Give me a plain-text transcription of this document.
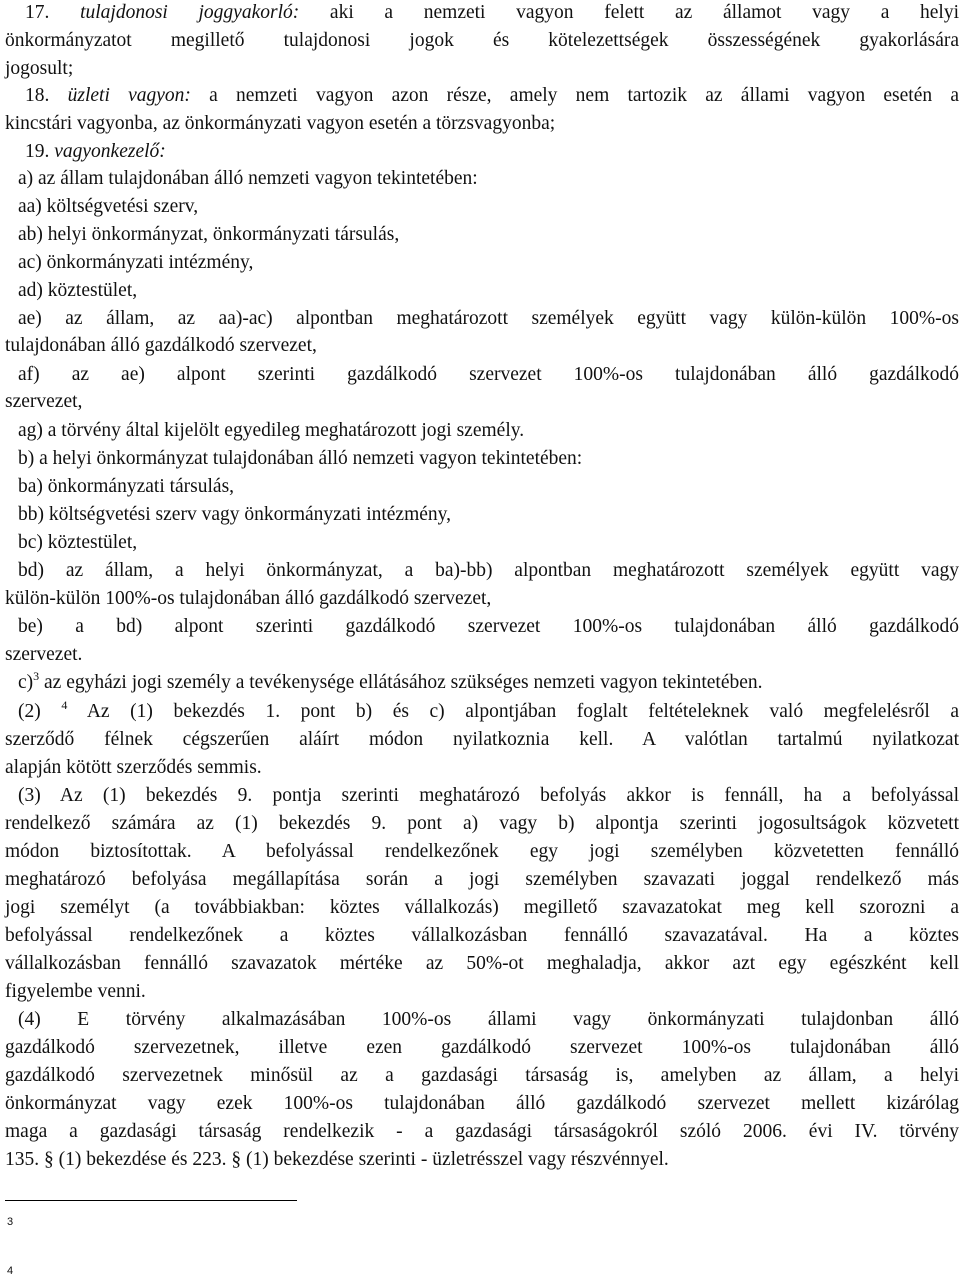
17. tulajdonosi joggyakorló: aki a nemzeti vagyon felett az államot vagy a helyi
önkormányzatot megillető tulajdonosi jogok és kötelezettségek összességének gyakorlására
jogosult;
18. üzleti vagyon: a nemzeti vagyon azon része, amely nem tartozik az állami vagyon esetén a
kincstári vagyonba, az önkormányzati vagyon esetén a törzsvagyonba;
19. vagyonkezelő:
a) az állam tulajdonában álló nemzeti vagyon tekintetében:
aa) költségvetési szerv,
ab) helyi önkormányzat, önkormányzati társulás,
ac) önkormányzati intézmény,
ad) köztestület,
ae) az állam, az aa)-ac) alpontban meghatározott személyek együtt vagy külön-külön 100%-os
tulajdonában álló gazdálkodó szervezet,
af) az ae) alpont szerinti gazdálkodó szervezet 100%-os tulajdonában álló gazdálkodó
szervezet,
ag) a törvény által kijelölt egyedileg meghatározott jogi személy.
b) a helyi önkormányzat tulajdonában álló nemzeti vagyon tekintetében:
ba) önkormányzati társulás,
bb) költségvetési szerv vagy önkormányzati intézmény,
bc) köztestület,
bd) az állam, a helyi önkormányzat, a ba)-bb) alpontban meghatározott személyek együtt vagy
külön-külön 100%-os tulajdonában álló gazdálkodó szervezet,
be) a bd) alpont szerinti gazdálkodó szervezet 100%-os tulajdonában álló gazdálkodó
szervezet.
c)$^3$ az egyházi jogi személy a tevékenysége ellátásához szükséges nemzeti vagyon tekintetében.
(2) $^4$ Az (1) bekezdés 1. pont b) és c) alpontjában foglalt feltételeknek való megfelelésről a
szerződő félnek cégszerűen aláírt módon nyilatkoznia kell. A valótlan tartalmú nyilatkozat
alapján kötött szerződés semmis.
(3) Az (1) bekezdés 9. pontja szerinti meghatározó befolyás akkor is fennáll, ha a befolyással
rendelkező számára az (1) bekezdés 9. pont a) vagy b) alpontja szerinti jogosultságok közvetett
módon biztosítottak. A befolyással rendelkezőnek egy jogi személyben közvetetten fennálló
meghatározó befolyása megállapítása során a jogi személyben szavazati joggal rendelkező más
jogi személyt (a továbbiakban: köztes vállalkozás) megillető szavazatokat meg kell szorozni a
befolyással rendelkezőnek a köztes vállalkozásban fennálló szavazatával. Ha a köztes
vállalkozásban fennálló szavazatok mértéke az 50%-ot meghaladja, akkor azt egy egészként kell
figyelembe venni.
(4) E törvény alkalmazásában 100%-os állami vagy önkormányzati tulajdonban álló
gazdálkodó szervezetnek, illetve ezen gazdálkodó szervezet 100%-os tulajdonában álló
gazdálkodó szervezetnek minősül az a gazdasági társaság is, amelyben az állam, a helyi
önkormányzat vagy ezek 100%-os tulajdonában álló gazdálkodó szervezet mellett kizárólag
maga a gazdasági társaság rendelkezik - a gazdasági társaságokról szóló 2006. évi IV. törvény
135. § (1) bekezdése és 223. § (1) bekezdése szerinti - üzletrésszel vagy részvénnyel.
3
4
